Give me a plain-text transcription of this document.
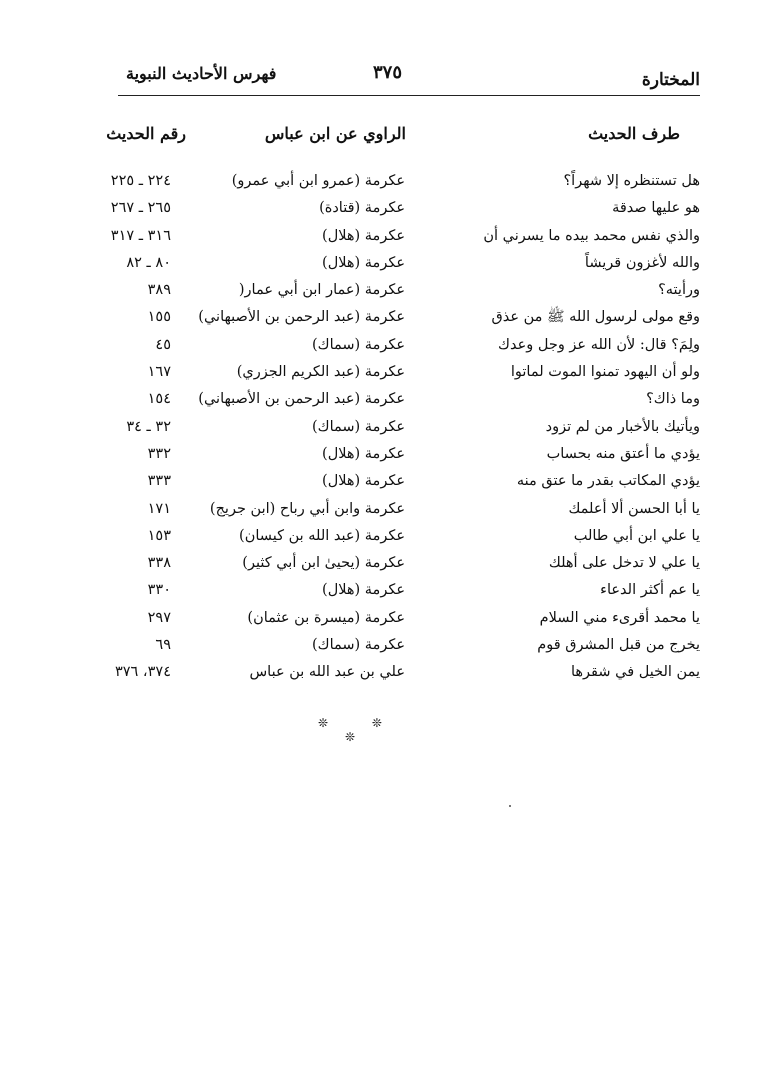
المختارة
٣٧٥
فهرس الأحاديث النبوية
طرف الحديث
الراوي عن ابن عباس
رقم الحديث
هل تستنظره إلا شهراً؟
عكرمة (عمرو ابن أبي عمرو)
٢٢٤ ـ ٢٢٥
هو عليها صدقة
عكرمة (قتادة)
٢٦٥ ـ ٢٦٧
والذي نفس محمد بيده ما يسرني أن
عكرمة (هلال)
٣١٦ ـ ٣١٧
والله لأغزون قريشاً
عكرمة (هلال)
٨٠ ـ ٨٢
ورأيته؟
عكرمة (عمار ابن أبي عمار(
٣٨٩
وقع مولى لرسول الله ﷺ من عذق
عكرمة (عبد الرحمن بن الأصبهاني)
١٥٥
ولِمَ؟ قال: لأن الله عز وجل وعدك
عكرمة (سماك)
٤٥
ولو أن اليهود تمنوا الموت لماتوا
عكرمة (عبد الكريم الجزري)
١٦٧
وما ذاك؟
عكرمة (عبد الرحمن بن الأصبهاني)
١٥٤
ويأتيك بالأخبار من لم تزود
عكرمة (سماك)
٣٢ ـ ٣٤
يؤدي ما أعتق منه بحساب
عكرمة (هلال)
٣٣٢
يؤدي المكاتب بقدر ما عتق منه
عكرمة (هلال)
٣٣٣
يا أبا الحسن ألا أعلمك
عكرمة وابن أبي رباح (ابن جريج)
١٧١
يا علي ابن أبي طالب
عكرمة (عبد الله بن كيسان)
١٥٣
يا علي لا تدخل على أهلك
عكرمة (يحيىٰ ابن أبي كثير)
٣٣٨
يا عم أكثر الدعاء
عكرمة (هلال)
٣٣٠
يا محمد أقرىء مني السلام
عكرمة (ميسرة بن عثمان)
٢٩٧
يخرج من قبل المشرق قوم
عكرمة (سماك)
٦٩
يمن الخيل في شقرها
علي بن عبد الله بن عباس
٣٧٤، ٣٧٦
❊ ❊ ❊
